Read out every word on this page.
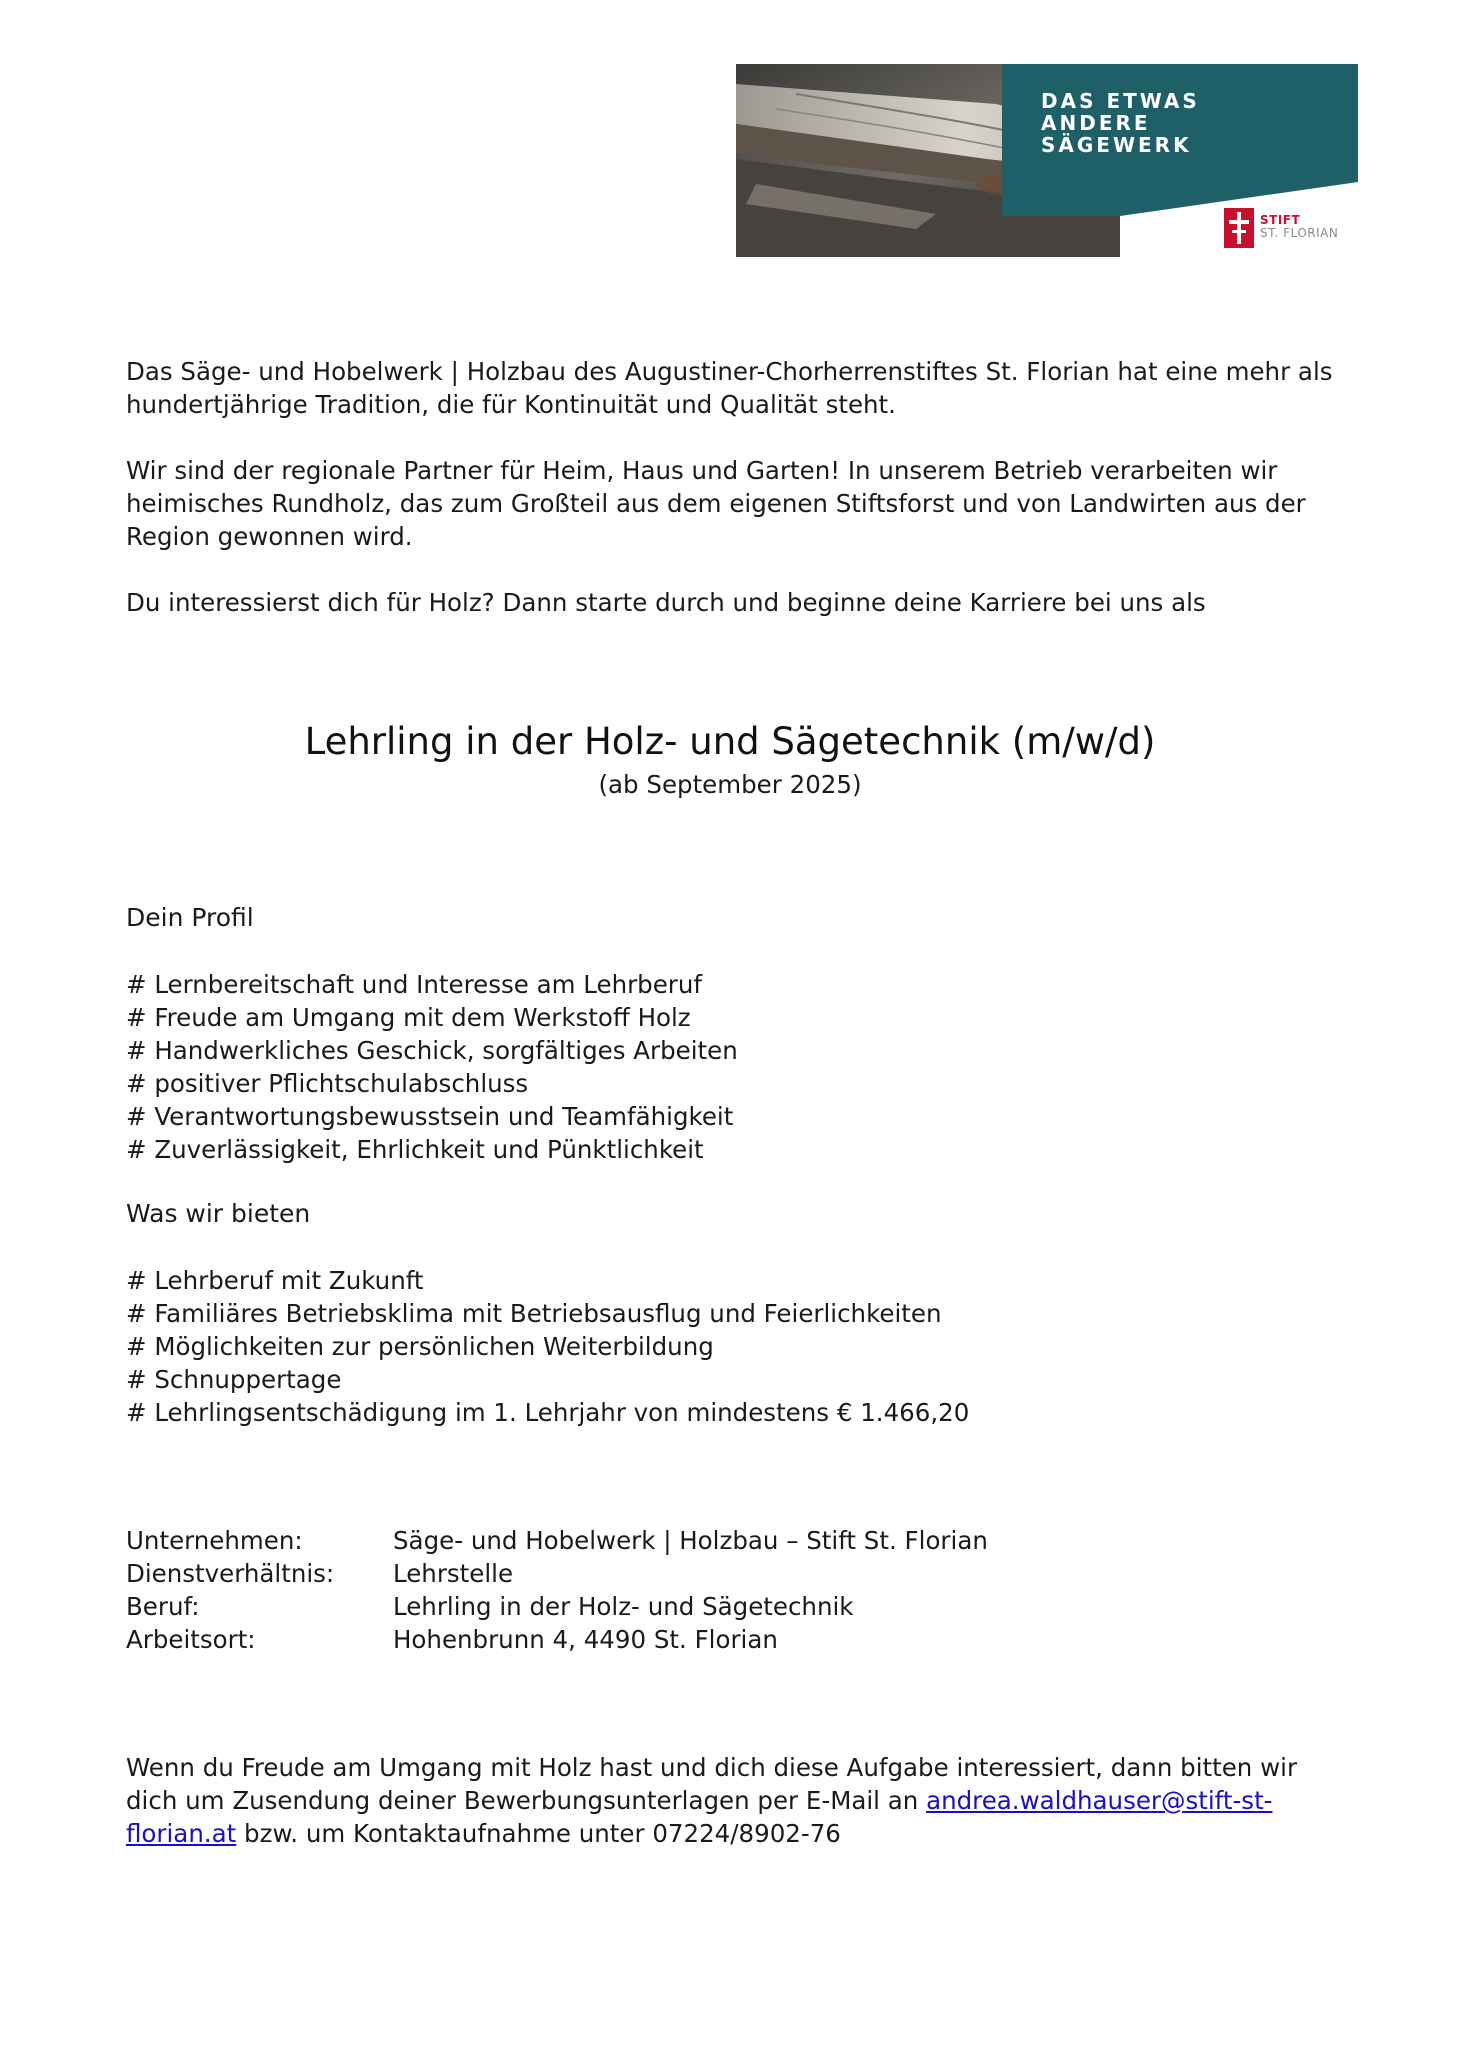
DAS ETWAS
ANDERE
SÄGEWERK
STIFT
ST. FLORIAN

Das Säge- und Hobelwerk | Holzbau des Augustiner-Chorherrenstiftes St. Florian hat eine mehr als hundertjährige Tradition, die für Kontinuität und Qualität steht.

Wir sind der regionale Partner für Heim, Haus und Garten! In unserem Betrieb verarbeiten wir heimisches Rundholz, das zum Großteil aus dem eigenen Stiftsforst und von Landwirten aus der Region gewonnen wird.

Du interessierst dich für Holz? Dann starte durch und beginne deine Karriere bei uns als

Lehrling in der Holz- und Sägetechnik (m/w/d)
(ab September 2025)
Dein Profil
# Lernbereitschaft und Interesse am Lehrberuf
# Freude am Umgang mit dem Werkstoff Holz
# Handwerkliches Geschick, sorgfältiges Arbeiten
# positiver Pflichtschulabschluss
# Verantwortungsbewusstsein und Teamfähigkeit
# Zuverlässigkeit, Ehrlichkeit und Pünktlichkeit
Was wir bieten
# Lehrberuf mit Zukunft
# Familiäres Betriebsklima mit Betriebsausflug und Feierlichkeiten
# Möglichkeiten zur persönlichen Weiterbildung
# Schnuppertage
# Lehrlingsentschädigung im 1. Lehrjahr von mindestens € 1.466,20
Unternehmen:	Säge- und Hobelwerk | Holzbau – Stift St. Florian
Dienstverhältnis:	Lehrstelle
Beruf:	Lehrling in der Holz- und Sägetechnik
Arbeitsort:	Hohenbrunn 4, 4490 St. Florian
Wenn du Freude am Umgang mit Holz hast und dich diese Aufgabe interessiert, dann bitten wir dich um Zusendung deiner Bewerbungsunterlagen per E-Mail an andrea.waldhauser@stift-st-florian.at bzw. um Kontaktaufnahme unter 07224/8902-76
